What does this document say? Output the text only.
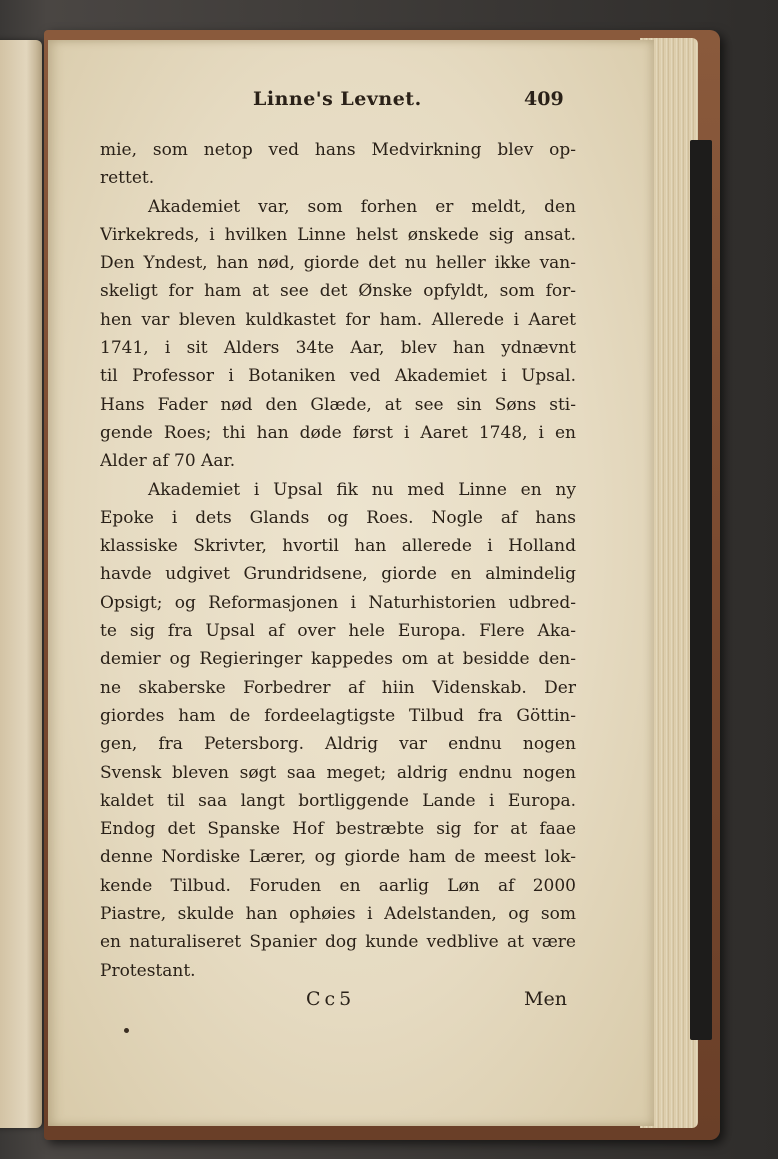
Linne's Levnet.	409
mie, som netop ved hans Medvirkning blev op-
rettet.
Akademiet var, som forhen er meldt, den
Virkekreds, i hvilken Linne helst ønskede sig ansat.
Den Yndest, han nød, giorde det nu heller ikke van-
skeligt for ham at see det Ønske opfyldt, som for-
hen var bleven kuldkastet for ham. Allerede i Aaret
1741, i sit Alders 34te Aar, blev han ydnævnt
til Professor i Botaniken ved Akademiet i Upsal.
Hans Fader nød den Glæde, at see sin Søns sti-
gende Roes; thi han døde først i Aaret 1748, i en
Alder af 70 Aar.
Akademiet i Upsal fik nu med Linne en ny
Epoke i dets Glands og Roes. Nogle af hans
klassiske Skrivter, hvortil han allerede i Holland
havde udgivet Grundridsene, giorde en almindelig
Opsigt; og Reformasjonen i Naturhistorien udbred-
te sig fra Upsal af over hele Europa. Flere Aka-
demier og Regieringer kappedes om at besidde den-
ne skaberske Forbedrer af hiin Videnskab. Der
giordes ham de fordeelagtigste Tilbud fra Göttin-
gen, fra Petersborg. Aldrig var endnu nogen
Svensk bleven søgt saa meget; aldrig endnu nogen
kaldet til saa langt bortliggende Lande i Europa.
Endog det Spanske Hof bestræbte sig for at faae
denne Nordiske Lærer, og giorde ham de meest lok-
kende Tilbud. Foruden en aarlig Løn af 2000
Piastre, skulde han ophøies i Adelstanden, og som
en naturaliseret Spanier dog kunde vedblive at være
Protestant.
Cc5	Men
